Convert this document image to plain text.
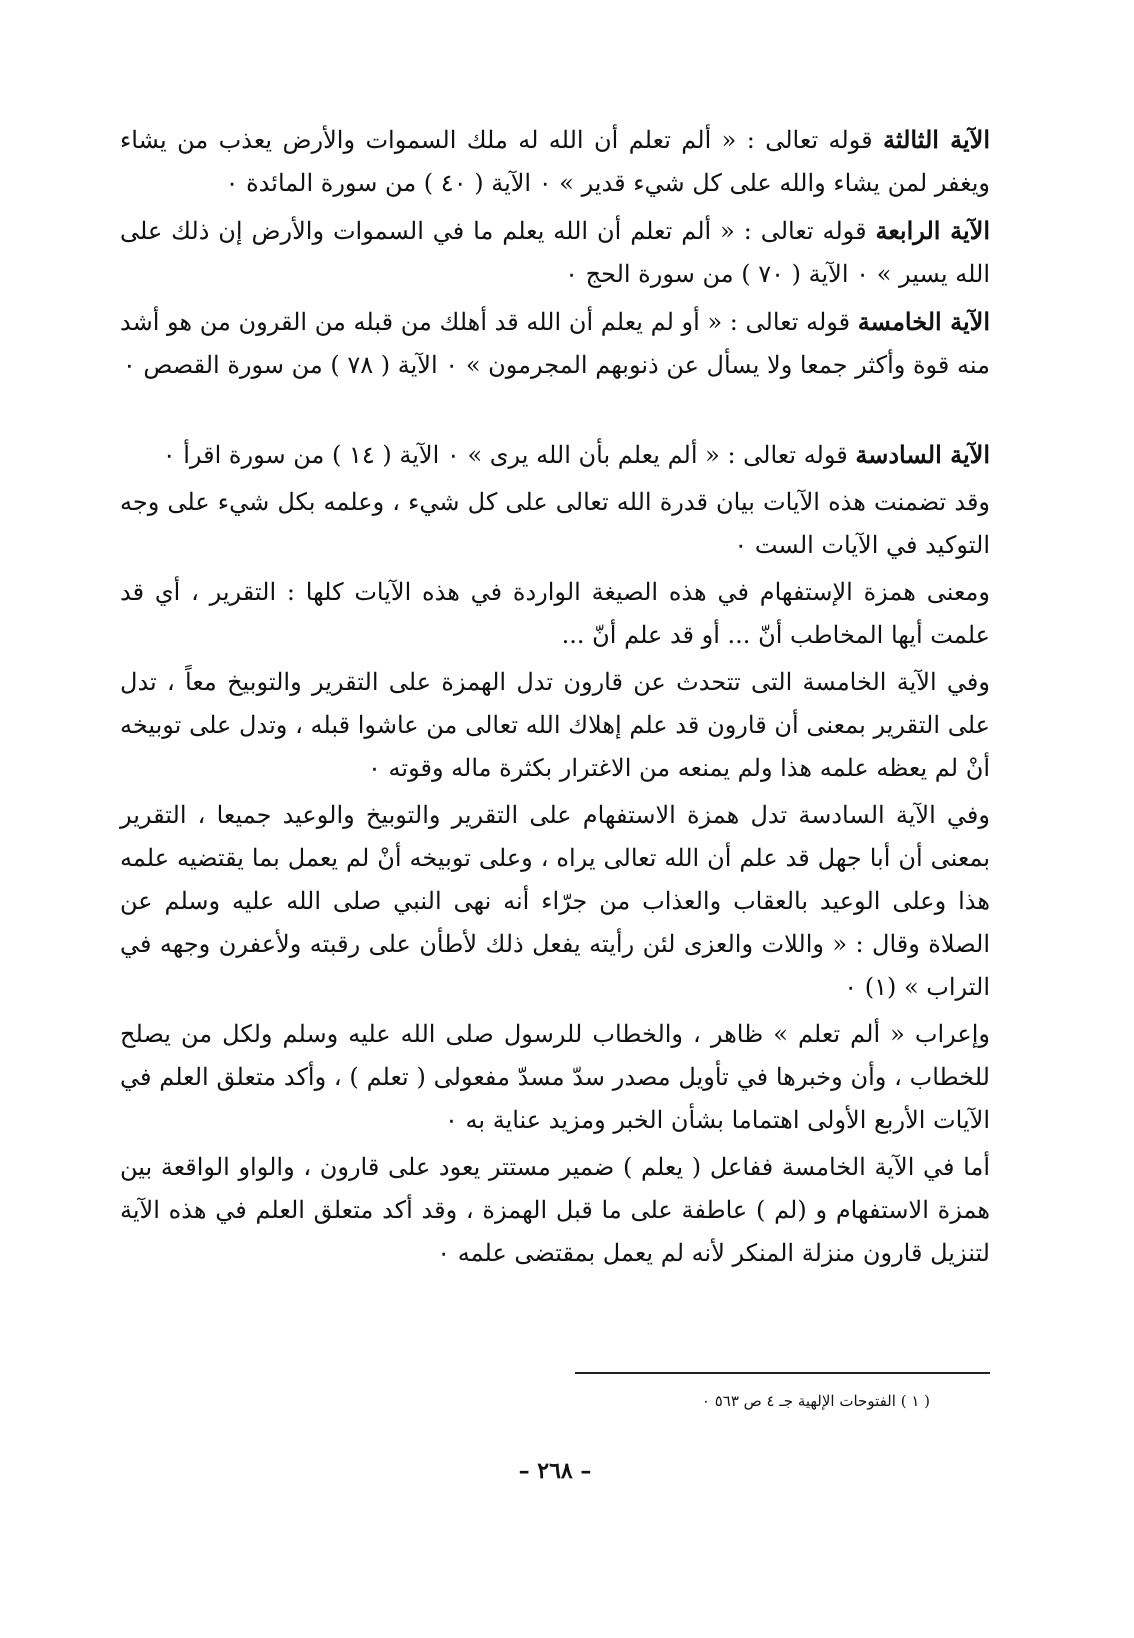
الآية الثالثة قوله تعالى : « ألم تعلم أن الله له ملك السموات والأرض يعذب من يشاء ويغفر لمن يشاء والله على كل شيء قدير » ٠ الآية ( ٤٠ ) من سورة المائدة ٠

الآية الرابعة قوله تعالى : « ألم تعلم أن الله يعلم ما في السموات والأرض إن ذلك على الله يسير » ٠ الآية ( ٧٠ ) من سورة الحج ٠

الآية الخامسة قوله تعالى : « أو لم يعلم أن الله قد أهلك من قبله من القرون من هو أشد منه قوة وأكثر جمعا ولا يسأل عن ذنوبهم المجرمون » ٠ الآية ( ٧٨ ) من سورة القصص ٠

الآية السادسة قوله تعالى : « ألم يعلم بأن الله يرى » ٠ الآية ( ١٤ ) من سورة اقرأ ٠

وقد تضمنت هذه الآيات بيان قدرة الله تعالى على كل شيء ، وعلمه بكل شيء على وجه التوكيد في الآيات الست ٠

ومعنى همزة الإستفهام في هذه الصيغة الواردة في هذه الآيات كلها : التقرير ، أي قد علمت أيها المخاطب أنّ ... أو قد علم أنّ ...

وفي الآية الخامسة التى تتحدث عن قارون تدل الهمزة على التقرير والتوبيخ معاً ، تدل على التقرير بمعنى أن قارون قد علم إهلاك الله تعالى من عاشوا قبله ، وتدل على توبيخه أنْ لم يعظه علمه هذا ولم يمنعه من الاغترار بكثرة ماله وقوته ٠

وفي الآية السادسة تدل همزة الاستفهام على التقرير والتوبيخ والوعيد جميعا ، التقرير بمعنى أن أبا جهل قد علم أن الله تعالى يراه ، وعلى توبيخه أنْ لم يعمل بما يقتضيه علمه هذا وعلى الوعيد بالعقاب والعذاب من جرّاء أنه نهى النبي صلى الله عليه وسلم عن الصلاة وقال : « واللات والعزى لئن رأيته يفعل ذلك لأطأن على رقبته ولأعفرن وجهه في التراب » (١) ٠

وإعراب « ألم تعلم » ظاهر ، والخطاب للرسول صلى الله عليه وسلم ولكل من يصلح للخطاب ، وأن وخبرها في تأويل مصدر سدّ مسدّ مفعولى ( تعلم ) ، وأكد متعلق العلم في الآيات الأربع الأولى اهتماما بشأن الخبر ومزيد عناية به ٠

أما في الآية الخامسة ففاعل ( يعلم ) ضمير مستتر يعود على قارون ، والواو الواقعة بين همزة الاستفهام و (لم ) عاطفة على ما قبل الهمزة ، وقد أكد متعلق العلم في هذه الآية لتنزيل قارون منزلة المنكر لأنه لم يعمل بمقتضى علمه ٠

( ١ ) الفتوحات الإلهية جـ ٤ ص ٥٦٣ ٠
– ٢٦٨ –
